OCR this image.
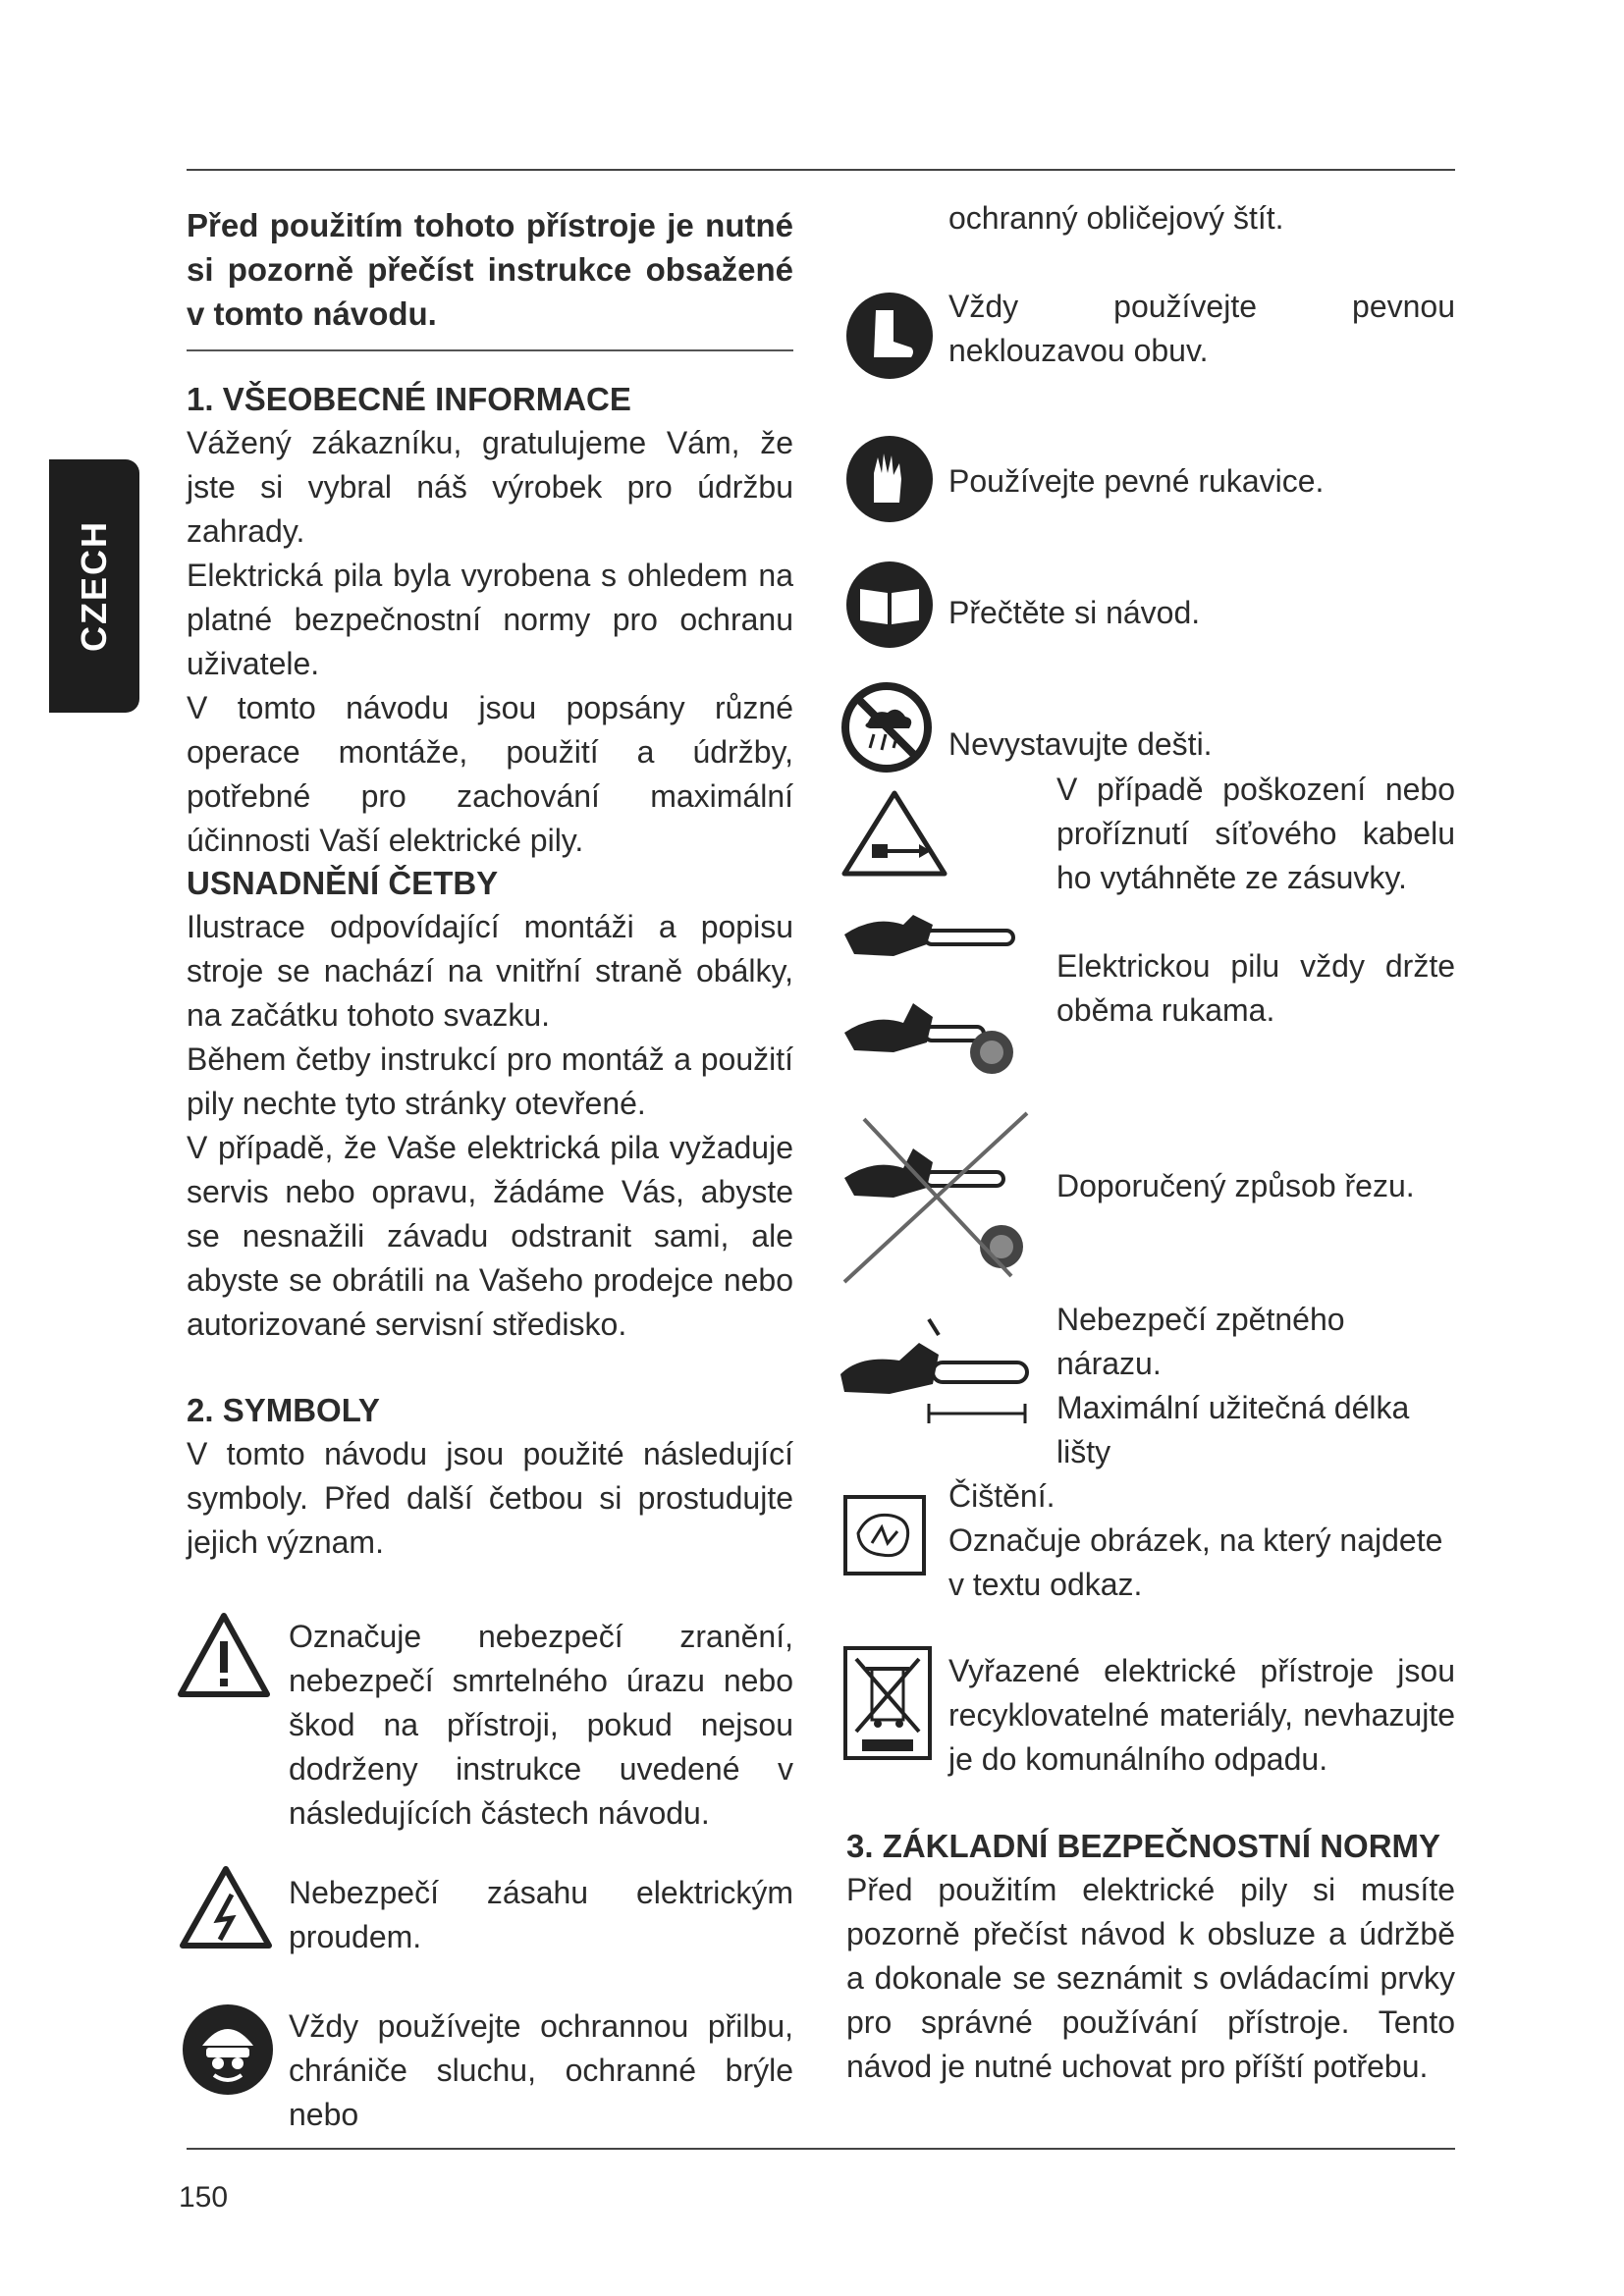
CZECH
Před použitím tohoto přístroje je nutné si pozorně přečíst instrukce obsažené v tomto návodu.
1. VŠEOBECNÉ INFORMACE

Vážený zákazníku, gratulujeme Vám, že jste si vybral náš výrobek pro údržbu zahrady.

Elektrická pila byla vyrobena s ohledem na platné bezpečnostní normy pro ochranu uživatele.

V tomto návodu jsou popsány různé operace montáže, použití a údržby, potřebné pro zachování maximální účinnosti Vaší elektrické pily.

USNADNĚNÍ ČETBY

Ilustrace odpovídající montáži a popisu stroje se nachází na vnitřní straně obálky, na začátku tohoto svazku.

Během četby instrukcí pro montáž a použití pily nechte tyto stránky otevřené.

V případě, že Vaše elektrická pila vyžaduje servis nebo opravu, žádáme Vás, abyste se nesnažili závadu odstranit sami, ale abyste se obrátili na Vašeho prodejce nebo autorizované servisní středisko.

2. SYMBOLY

V tomto návodu jsou použité následující symboly. Před další četbou si prostudujte jejich význam.

Označuje nebezpečí zranění, nebezpečí smrtelného úrazu nebo škod na přístroji, pokud nejsou dodrženy instrukce uvedené v následujících částech návodu.
Nebezpečí zásahu elektrickým proudem.
Vždy používejte ochrannou přilbu, chrániče sluchu, ochranné brýle nebo
ochranný obličejový štít.
Vždy používejte pevnou neklouzavou obuv.
Používejte pevné rukavice.
Přečtěte si návod.
Nevystavujte dešti.
V případě poškození nebo proříznutí síťového kabelu ho vytáhněte ze zásuvky.
Elektrickou pilu vždy držte oběma rukama.
Doporučený způsob řezu.

Nebezpečí zpětného nárazu.

Maximální užitečná délka lišty

Čištění.

Označuje obrázek, na který najdete v textu odkaz.

Vyřazené elektrické přístroje jsou recyklovatelné materiály, nevhazujte je do komunálního odpadu.
3. ZÁKLADNÍ BEZPEČNOSTNÍ NORMY

Před použitím elektrické pily si musíte pozorně přečíst návod k obsluze a údržbě a dokonale se seznámit s ovládacími prvky pro správné používání přístroje. Tento návod je nutné uchovat pro příští potřebu.

150
